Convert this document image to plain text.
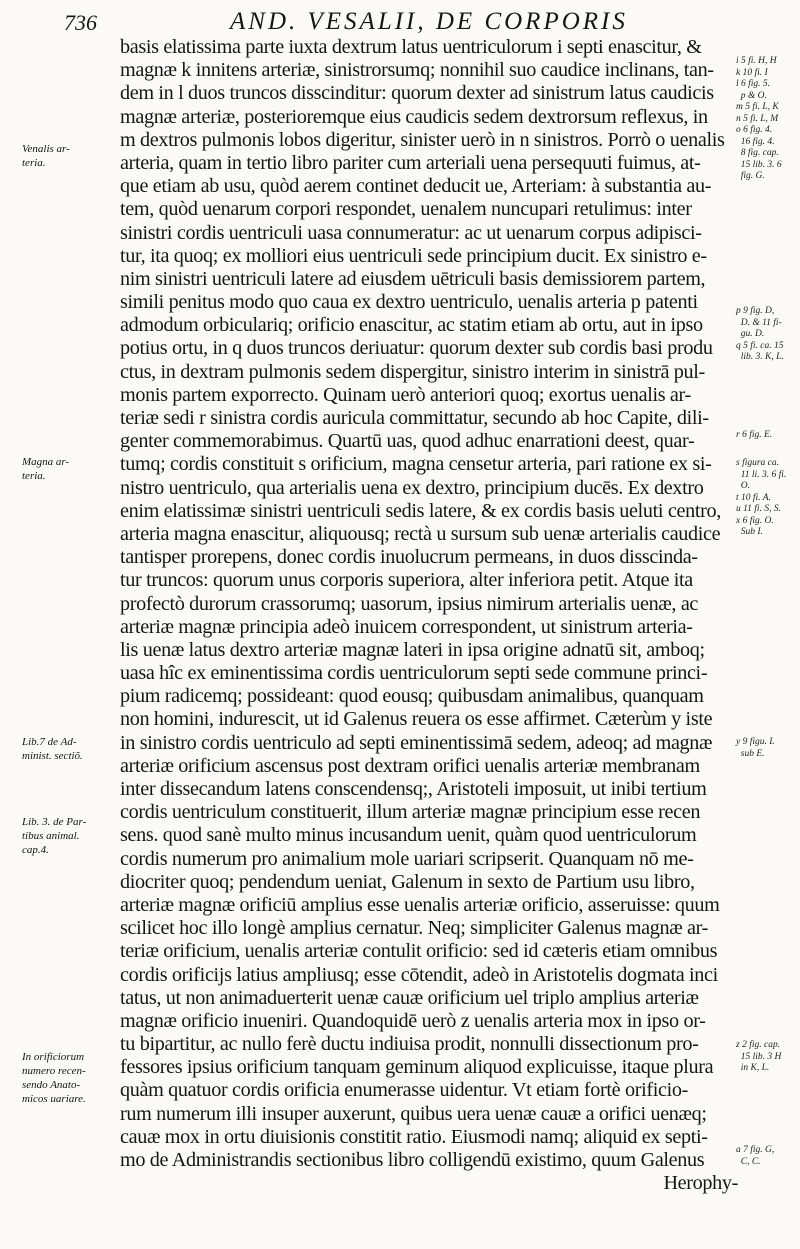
736	AND. VESALII, DE CORPORIS
basis elatissima parte iuxta dextrum latus uentriculorum i septi enascitur, &
magnæ k innitens arteriæ, sinistrorsumq; nonnihil suo caudice inclinans, tan-
dem in l duos truncos disscinditur: quorum dexter ad sinistrum latus caudicis
magnæ arteriæ, posterioremque eius caudicis sedem dextrorsum reflexus, in
m dextros pulmonis lobos digeritur, sinister uerò in n sinistros. Porrò o uenalis
arteria, quam in tertio libro pariter cum arteriali uena persequuti fuimus, at-
que etiam ab usu, quòd aerem continet deducit ue, Arteriam: à substantia au-
tem, quòd uenarum corpori respondet, uenalem nuncupari retulimus: inter
sinistri cordis uentriculi uasa connumeratur: ac ut uenarum corpus adipisci-
tur, ita quoq; ex molliori eius uentriculi sede principium ducit. Ex sinistro e-
nim sinistri uentriculi latere ad eiusdem uētriculi basis demissiorem partem,
simili penitus modo quo caua ex dextro uentriculo, uenalis arteria p patenti
admodum orbiculariq; orificio enascitur, ac statim etiam ab ortu, aut in ipso
potius ortu, in q duos truncos deriuatur: quorum dexter sub cordis basi produ
ctus, in dextram pulmonis sedem dispergitur, sinistro interim in sinistrā pul-
monis partem exporrecto. Quinam uerò anteriori quoq; exortus uenalis ar-
teriæ sedi r sinistra cordis auricula committatur, secundo ab hoc Capite, dili-
genter commemorabimus. Quartū uas, quod adhuc enarrationi deest, quar-
tumq; cordis constituit s orificium, magna censetur arteria, pari ratione ex si-
nistro uentriculo, qua arterialis uena ex dextro, principium ducēs. Ex dextro
enim elatissimæ sinistri uentriculi sedis latere, & ex cordis basis ueluti centro,
arteria magna enascitur, aliquousq; rectà u sursum sub uenæ arterialis caudice
tantisper prorepens, donec cordis inuolucrum permeans, in duos disscinda-
tur truncos: quorum unus corporis superiora, alter inferiora petit. Atque ita
profectò durorum crassorumq; uasorum, ipsius nimirum arterialis uenæ, ac
arteriæ magnæ principia adeò inuicem correspondent, ut sinistrum arteria-
lis uenæ latus dextro arteriæ magnæ lateri in ipsa origine adnatū sit, amboq;
uasa hîc ex eminentissima cordis uentriculorum septi sede commune princi-
pium radicemq; possideant: quod eousq; quibusdam animalibus, quanquam
non homini, indurescit, ut id Galenus reuera os esse affirmet. Cæterùm y iste
in sinistro cordis uentriculo ad septi eminentissimā sedem, adeoq; ad magnæ
arteriæ orificium ascensus post dextram orifici uenalis arteriæ membranam
inter dissecandum latens conscendensq;, Aristoteli imposuit, ut inibi tertium
cordis uentriculum constituerit, illum arteriæ magnæ principium esse recen
sens. quod sanè multo minus incusandum uenit, quàm quod uentriculorum
cordis numerum pro animalium mole uariari scripserit. Quanquam nō me-
diocriter quoq; pendendum ueniat, Galenum in sexto de Partium usu libro,
arteriæ magnæ orificiū amplius esse uenalis arteriæ orificio, asseruisse: quum
scilicet hoc illo longè amplius cernatur. Neq; simpliciter Galenus magnæ ar-
teriæ orificium, uenalis arteriæ contulit orificio: sed id cæteris etiam omnibus
cordis orificijs latius ampliusq; esse cōtendit, adeò in Aristotelis dogmata inci
tatus, ut non animaduerterit uenæ cauæ orificium uel triplo amplius arteriæ
magnæ orificio inueniri. Quandoquidē uerò z uenalis arteria mox in ipso or-
tu bipartitur, ac nullo ferè ductu indiuisa prodit, nonnulli dissectionum pro-
fessores ipsius orificium tanquam geminum aliquod explicuisse, itaque plura
quàm quatuor cordis orificia enumerasse uidentur. Vt etiam fortè orificio-
rum numerum illi insuper auxerunt, quibus uera uenæ cauæ a orifici uenæq;
cauæ mox in ortu diuisionis constitit ratio. Eiusmodi namq; aliquid ex septi-
mo de Administrandis sectionibus libro colligendū existimo, quum Galenus
Herophy-
Venalis ar-
teria.
Magna ar-
teria.
Lib.7 de Ad-
minist. sectiõ.
Lib. 3. de Par-
tibus animal.
cap.4.
In orificiorum
numero recen-
sendo Anato-
micos uariare.
i 5 fi. H, H
k 10 fi. I
l 6 fig. 5.
p & O.
m 5 fi. L, K
n 5 fi. L, M
o 6 fig. 4.
16 fig. 4.
8 fig. cap.
15 lib. 3. 6
fig. G.
p 9 fig. D,
D. & 11 fi-
gu. D.
q 5 fi. ca. 15
lib. 3. K, L.
r 6 fig. E.
s figura ca.
11 li. 3. 6 fi.
O.
t 10 fi. A.
u 11 fi. S, S.
x 6 fig. O.
Sub I.
y 9 figu. L
sub E.
z 2 fig. cap.
15 lib. 3 H
in K, L.
a 7 fig. G,
C, C.
